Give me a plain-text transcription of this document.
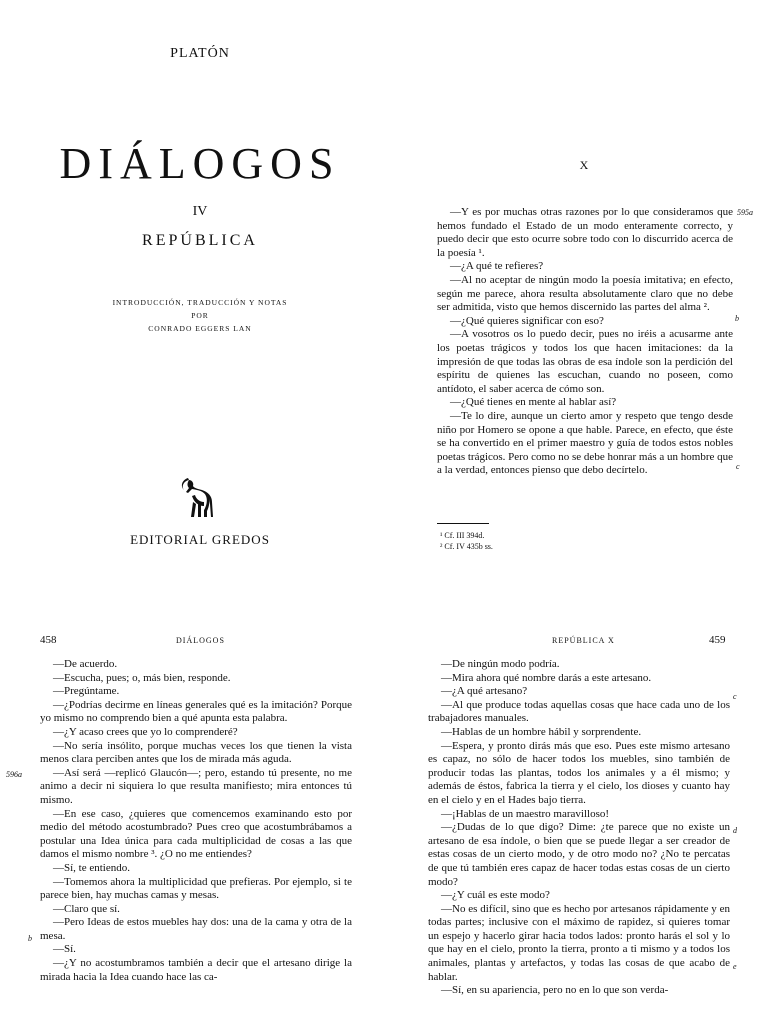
PLATÓN
DIÁLOGOS
IV
REPÚBLICA
INTRODUCCIÓN, TRADUCCIÓN Y NOTAS
POR
CONRADO EGGERS LAN
EDITORIAL GREDOS
X

—Y es por muchas otras razones por lo que consideramos que hemos fundado el Estado de un modo enteramente correcto, y puedo decir que esto ocurre sobre todo con lo discurrido acerca de la poesía ¹.

—¿A qué te refieres?

—Al no aceptar de ningún modo la poesía imitativa; en efecto, según me parece, ahora resulta absolutamente claro que no debe ser admitida, visto que hemos discernido las partes del alma ².

—¿Qué quieres significar con eso?

—A vosotros os lo puedo decir, pues no iréis a acusarme ante los poetas trágicos y todos los que hacen imitaciones: da la impresión de que todas las obras de esa índole son la perdición del espíritu de quienes las escuchan, cuando no poseen, como antídoto, el saber acerca de cómo son.

—¿Qué tienes en mente al hablar así?

—Te lo dire, aunque un cierto amor y respeto que tengo desde niño por Homero se opone a que hable. Parece, en efecto, que éste se ha convertido en el primer maestro y guía de todos estos nobles poetas trágicos. Pero como no se debe honrar más a un hombre que a la verdad, entonces pienso que debo decírtelo.

595a
b
c
¹ Cf. III 394d.
² Cf. IV 435b ss.
458	DIÁLOGOS

—De acuerdo.

—Escucha, pues; o, más bien, responde.

—Pregúntame.

—¿Podrías decirme en líneas generales qué es la imitación? Porque yo mismo no comprendo bien a qué apunta esta palabra.

—¿Y acaso crees que yo lo comprenderé?

—No sería insólito, porque muchas veces los que tienen la vista menos clara perciben antes que los de mirada más aguda.

—Así será —replicó Glaucón—; pero, estando tú presente, no me animo a decir ni siquiera lo que resulta manifiesto; mira entonces tú mismo.

—En ese caso, ¿quieres que comencemos examinando esto por medio del método acostumbrado? Pues creo que acostumbrábamos a postular una Idea única para cada multiplicidad de cosas a las que damos el mismo nombre ³. ¿O no me entiendes?

—Sí, te entiendo.

—Tomemos ahora la multiplicidad que prefieras. Por ejemplo, si te parece bien, hay muchas camas y mesas.

—Claro que sí.

—Pero Ideas de estos muebles hay dos: una de la cama y otra de la mesa.

—Sí.

—¿Y no acostumbramos también a decir que el artesano dirige la mirada hacia la Idea cuando hace las ca-

596a
b
REPÚBLICA X	459

—De ningún modo podría.

—Mira ahora qué nombre darás a este artesano.

—¿A qué artesano?

—Al que produce todas aquellas cosas que hace cada uno de los trabajadores manuales.

—Hablas de un hombre hábil y sorprendente.

—Espera, y pronto dirás más que eso. Pues este mismo artesano es capaz, no sólo de hacer todos los muebles, sino también de producir todas las plantas, todos los animales y a él mismo; y además de éstos, fabrica la tierra y el cielo, los dioses y cuanto hay en el cielo y en el Hades bajo tierra.

—¡Hablas de un maestro maravilloso!

—¿Dudas de lo que digo? Dime: ¿te parece que no existe un artesano de esa índole, o bien que se puede llegar a ser creador de estas cosas de un cierto modo, y de otro modo no? ¿No te percatas de que tú también eres capaz de hacer todas estas cosas de un cierto modo?

—¿Y cuál es este modo?

—No es difícil, sino que es hecho por artesanos rápidamente y en todas partes; inclusive con el máximo de rapidez, si quieres tomar un espejo y hacerlo girar hacia todos lados: pronto harás el sol y lo que hay en el cielo, pronto la tierra, pronto a ti mismo y a todos los animales, plantas y artefactos, y todas las cosas de que acabo de hablar.

—Sí, en su apariencia, pero no en lo que son verda-

c
d
e
